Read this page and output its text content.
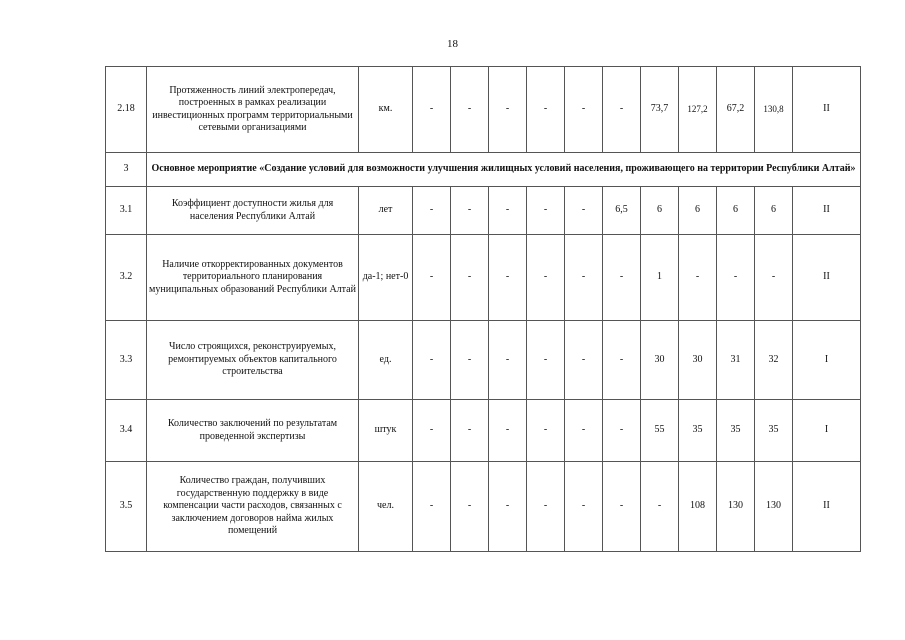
18
2.18	Протяженность линий электропередач, построенных в рамках реализации инвестиционных программ территориальными сетевыми организациями	км.	-	-	-	-	-	-	73,7	127,2	67,2	130,8	II
3	Основное мероприятие «Создание условий для возможности улучшения жилищных условий населения, проживающего на территории Республики Алтай»												
3.1	Коэффициент доступности жилья для населения Республики Алтай	лет	-	-	-	-	-	6,5	6	6	6	6	II
3.2	Наличие откорректированных документов территориального планирования муниципальных образований Республики Алтай	да-1; нет-0	-	-	-	-	-	-	1	-	-	-	II
3.3	Число строящихся, реконструируемых, ремонтируемых объектов капитального строительства	ед.	-	-	-	-	-	-	30	30	31	32	I
3.4	Количество заключений по результатам проведенной экспертизы	штук	-	-	-	-	-	-	55	35	35	35	I
3.5	Количество граждан, получивших государственную поддержку в виде компенсации части расходов, связанных с заключением договоров найма жилых помещений	чел.	-	-	-	-	-	-	-	108	130	130	II
